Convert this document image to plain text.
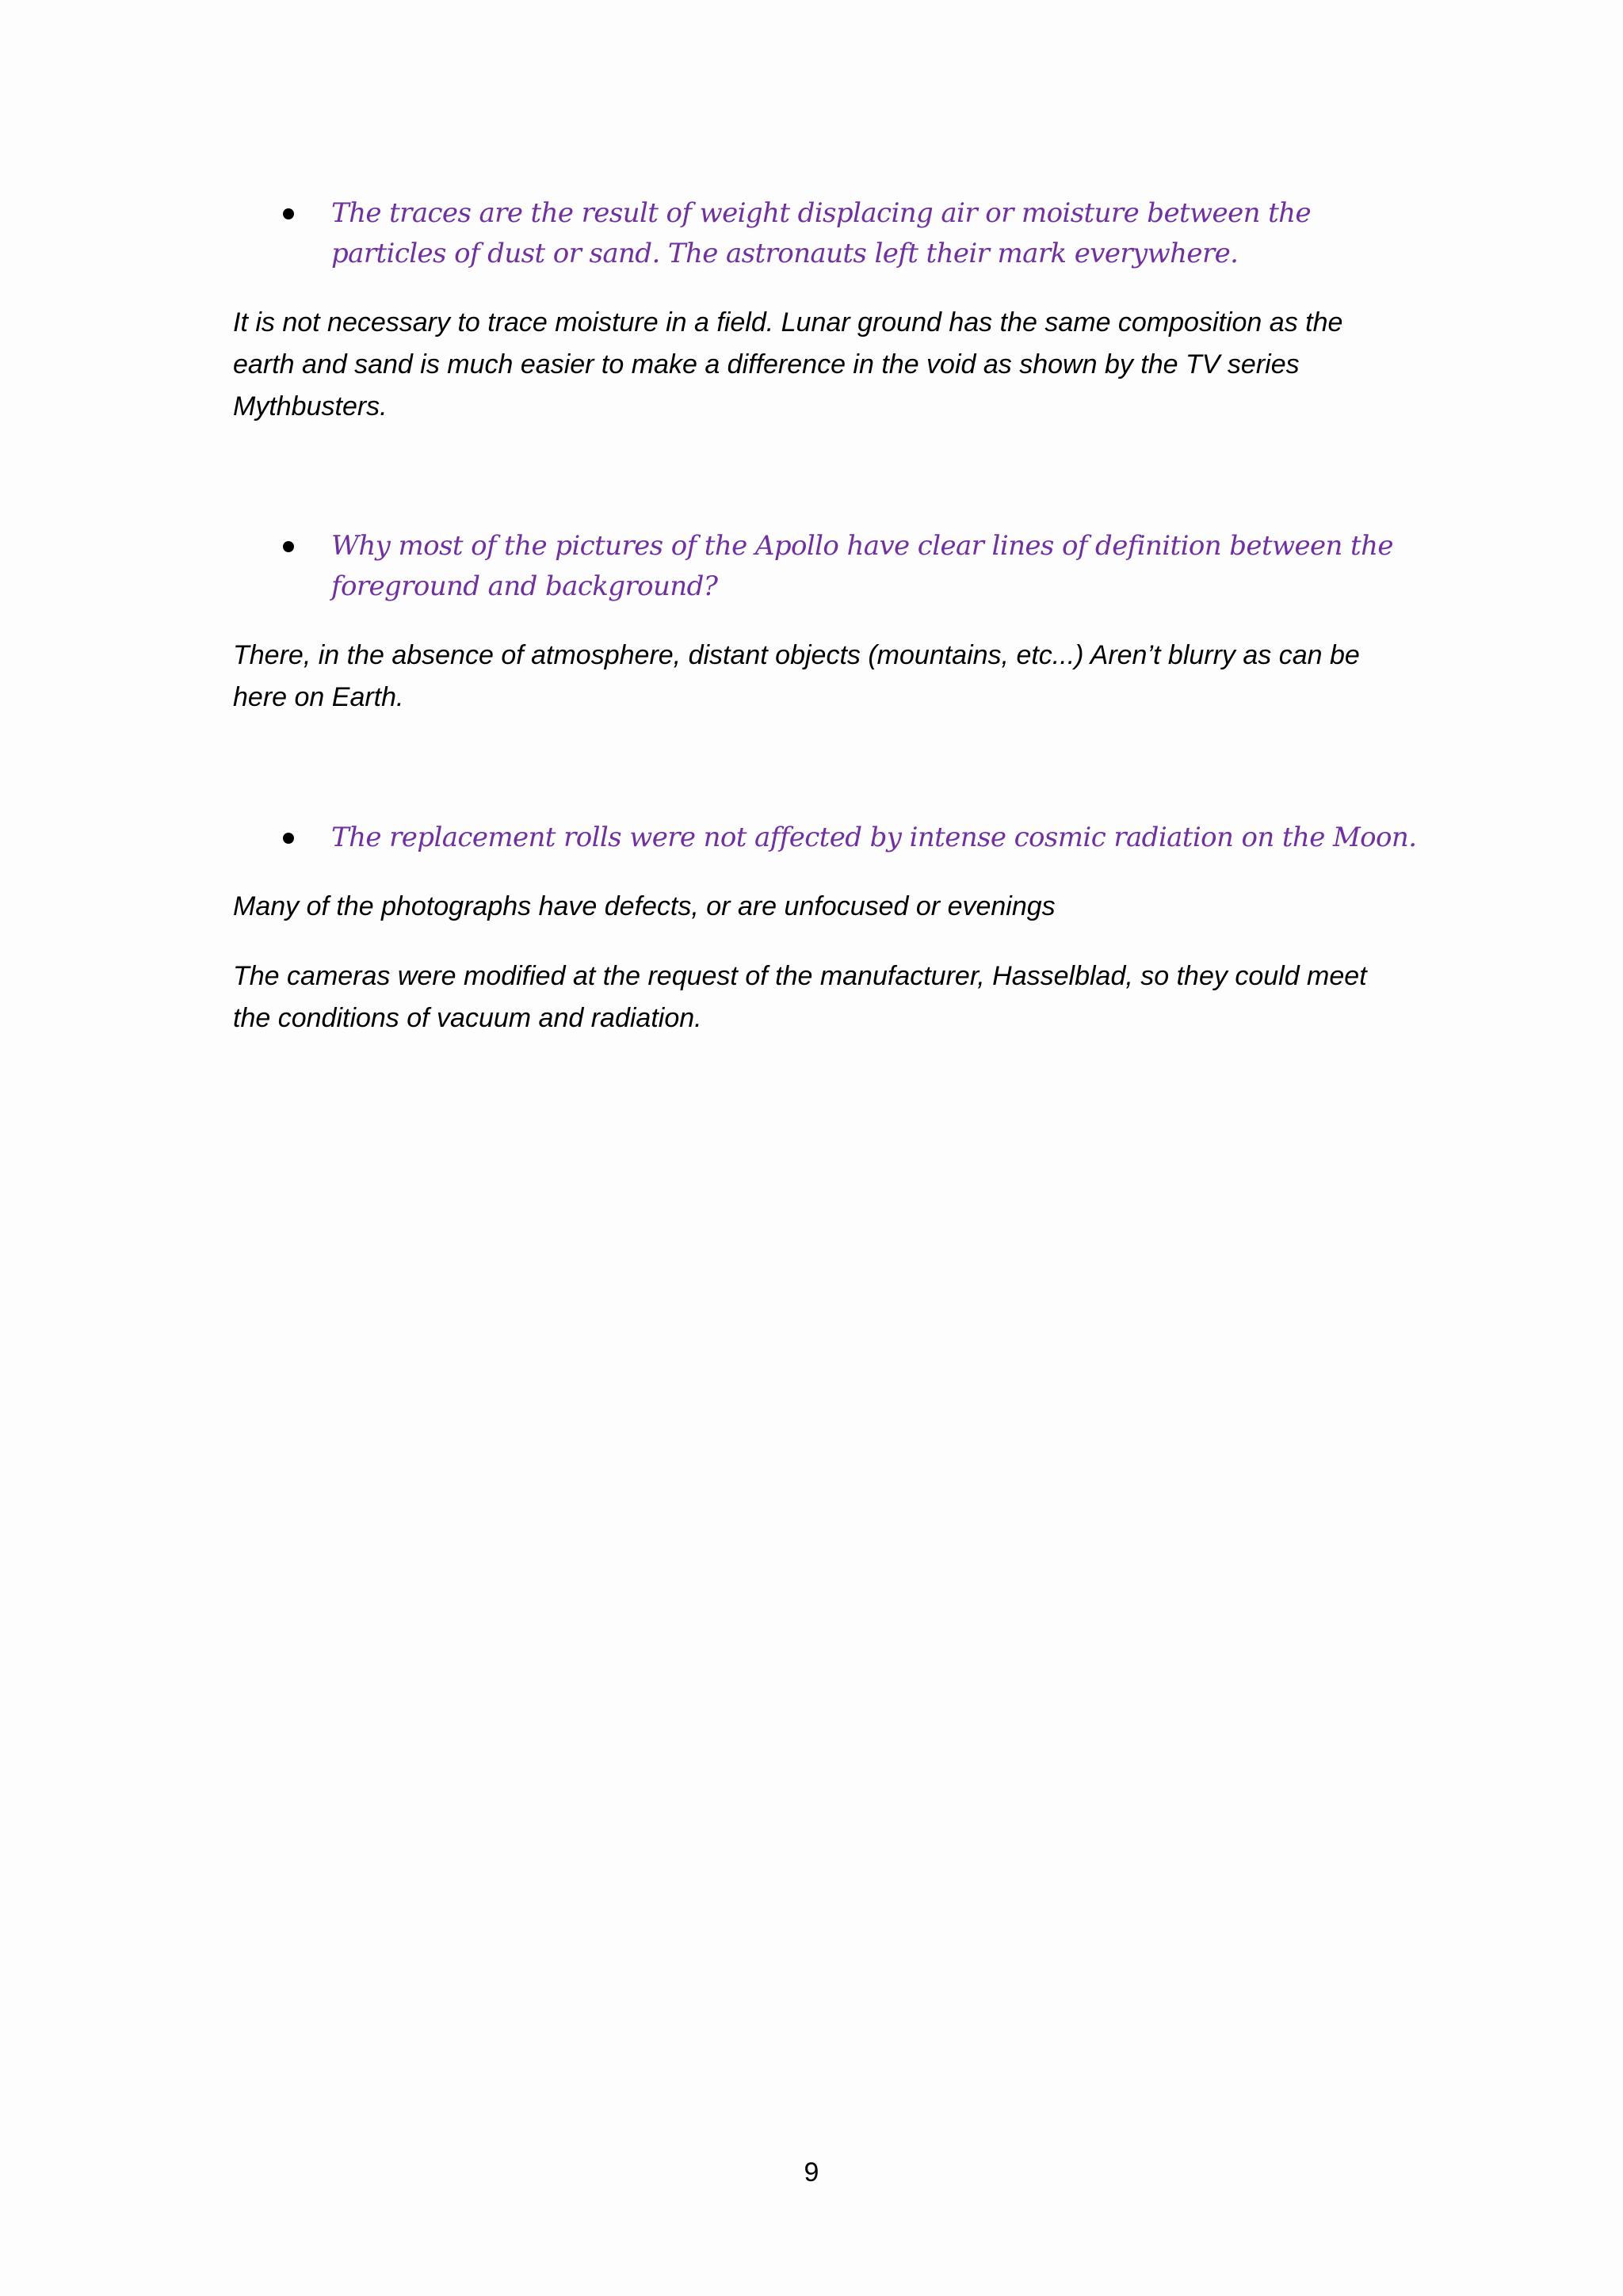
The traces are the result of weight displacing air or moisture between the particles of dust or sand. The astronauts left their mark everywhere.

It is not necessary to trace moisture in a field. Lunar ground has the same composition as the earth and sand is much easier to make a difference in the void as shown by the TV series Mythbusters.

Why most of the pictures of the Apollo have clear lines of definition between the foreground and background?

There, in the absence of atmosphere, distant objects (mountains, etc...) Aren’t blurry as can be here on Earth.

The replacement rolls were not affected by intense cosmic radiation on the Moon.

Many of the photographs have defects, or are unfocused or evenings

The cameras were modified at the request of the manufacturer, Hasselblad, so they could meet the conditions of vacuum and radiation.

9
